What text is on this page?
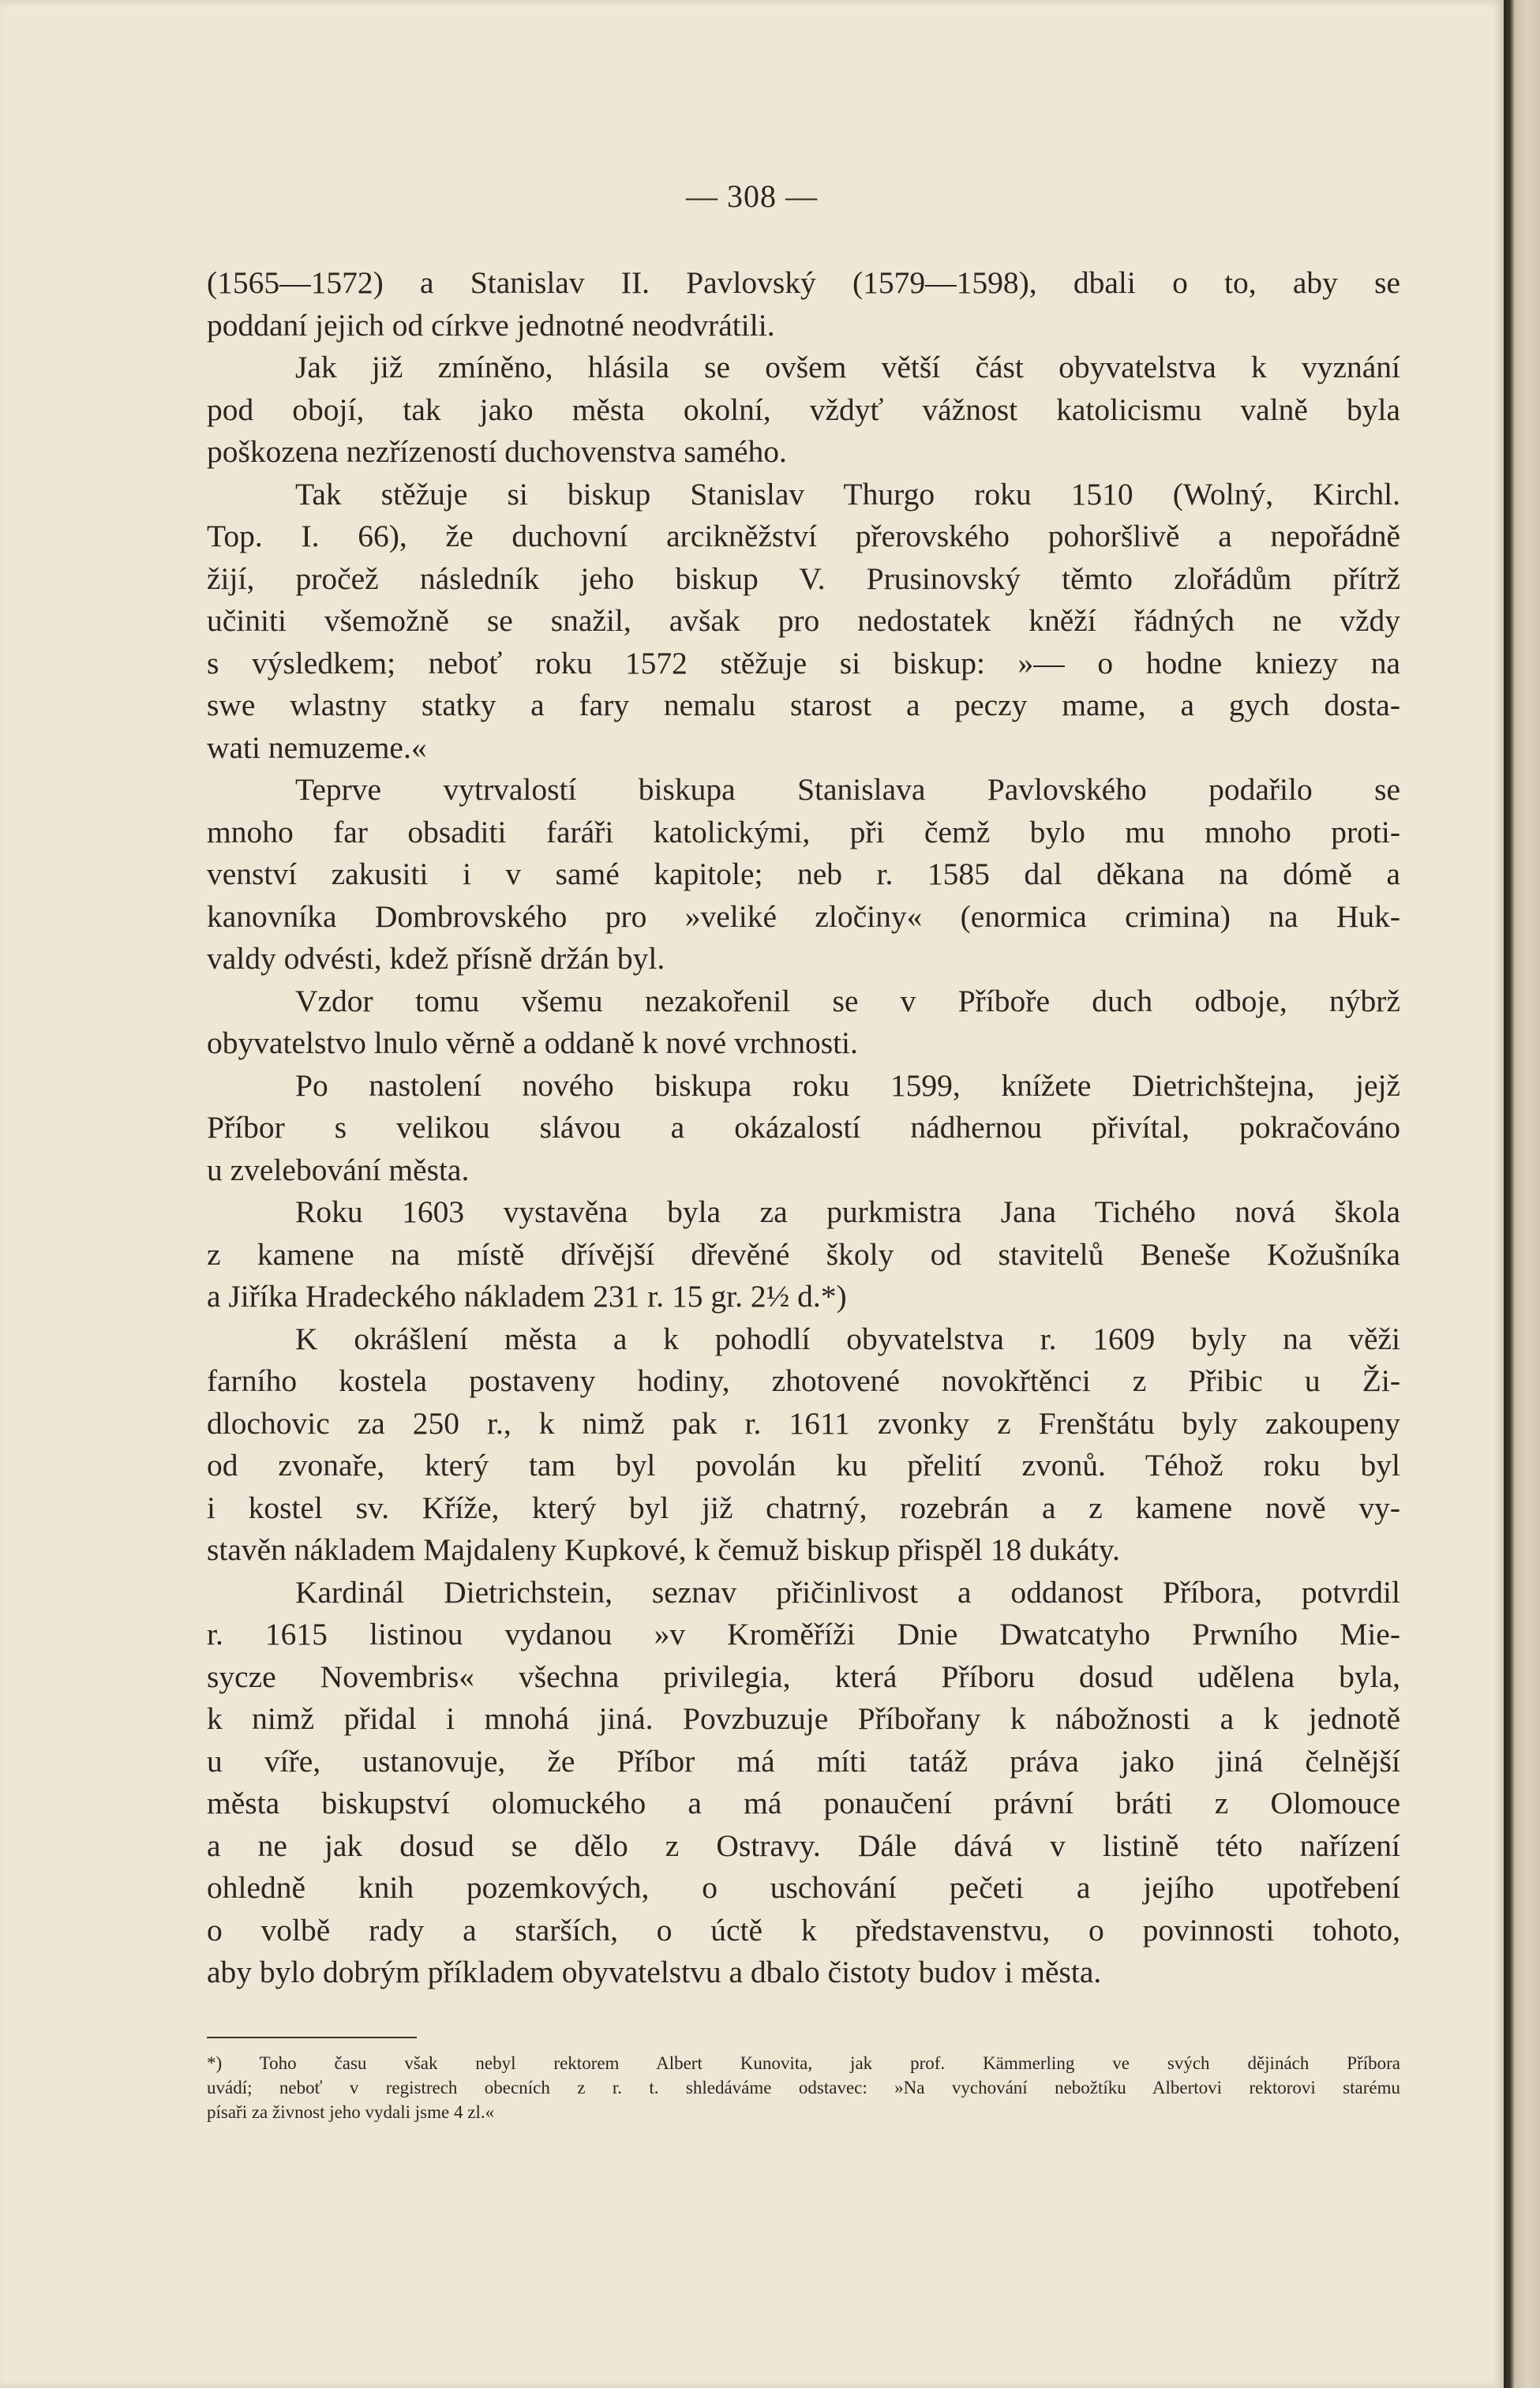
— 308 —
(1565—1572) a Stanislav II. Pavlovský (1579—1598), dbali o to, aby se
poddaní jejich od církve jednotné neodvrátili.
Jak již zmíněno, hlásila se ovšem větší část obyvatelstva k vyznání
pod obojí, tak jako města okolní, vždyť vážnost katolicismu valně byla
poškozena nezřízeností duchovenstva samého.
Tak stěžuje si biskup Stanislav Thurgo roku 1510 (Wolný, Kirchl.
Top. I. 66), že duchovní arcikněžství přerovského pohoršlivě a nepořádně
žijí, pročež následník jeho biskup V. Prusinovský těmto zlořádům přítrž
učiniti všemožně se snažil, avšak pro nedostatek kněží řádných ne vždy
s výsledkem; neboť roku 1572 stěžuje si biskup: »— o hodne kniezy na
swe wlastny statky a fary nemalu starost a peczy mame, a gych dosta-
wati nemuzeme.«
Teprve vytrvalostí biskupa Stanislava Pavlovského podařilo se
mnoho far obsaditi faráři katolickými, při čemž bylo mu mnoho proti-
venství zakusiti i v samé kapitole; neb r. 1585 dal děkana na dómě a
kanovníka Dombrovského pro »veliké zločiny« (enormica crimina) na Huk-
valdy odvésti, kdež přísně držán byl.
Vzdor tomu všemu nezakořenil se v Příboře duch odboje, nýbrž
obyvatelstvo lnulo věrně a oddaně k nové vrchnosti.
Po nastolení nového biskupa roku 1599, knížete Dietrichštejna, jejž
Příbor s velikou slávou a okázalostí nádhernou přivítal, pokračováno
u zvelebování města.
Roku 1603 vystavěna byla za purkmistra Jana Tichého nová škola
z kamene na místě dřívější dřevěné školy od stavitelů Beneše Kožušníka
a Jiříka Hradeckého nákladem 231 r. 15 gr. 2½ d.*)
K okrášlení města a k pohodlí obyvatelstva r. 1609 byly na věži
farního kostela postaveny hodiny, zhotovené novokřtěnci z Přibic u Ži-
dlochovic za 250 r., k nimž pak r. 1611 zvonky z Frenštátu byly zakoupeny
od zvonaře, který tam byl povolán ku přelití zvonů. Téhož roku byl
i kostel sv. Kříže, který byl již chatrný, rozebrán a z kamene nově vy-
stavěn nákladem Majdaleny Kupkové, k čemuž biskup přispěl 18 dukáty.
Kardinál Dietrichstein, seznav přičinlivost a oddanost Příbora, potvrdil
r. 1615 listinou vydanou »v Kroměříži Dnie Dwatcatyho Prwního Mie-
sycze Novembris« všechna privilegia, která Příboru dosud udělena byla,
k nimž přidal i mnohá jiná. Povzbuzuje Příbořany k nábožnosti a k jednotě
u víře, ustanovuje, že Příbor má míti tatáž práva jako jiná čelnější
města biskupství olomuckého a má ponaučení právní bráti z Olomouce
a ne jak dosud se dělo z Ostravy. Dále dává v listině této nařízení
ohledně knih pozemkových, o uschování pečeti a jejího upotřebení
o volbě rady a starších, o úctě k představenstvu, o povinnosti tohoto,
aby bylo dobrým příkladem obyvatelstvu a dbalo čistoty budov i města.
*) Toho času však nebyl rektorem Albert Kunovita, jak prof. Kämmerling ve svých dějinách Příbora
uvádí; neboť v registrech obecních z r. t. shledáváme odstavec: »Na vychování nebožtíku Albertovi rektorovi starému
písaři za živnost jeho vydali jsme 4 zl.«
